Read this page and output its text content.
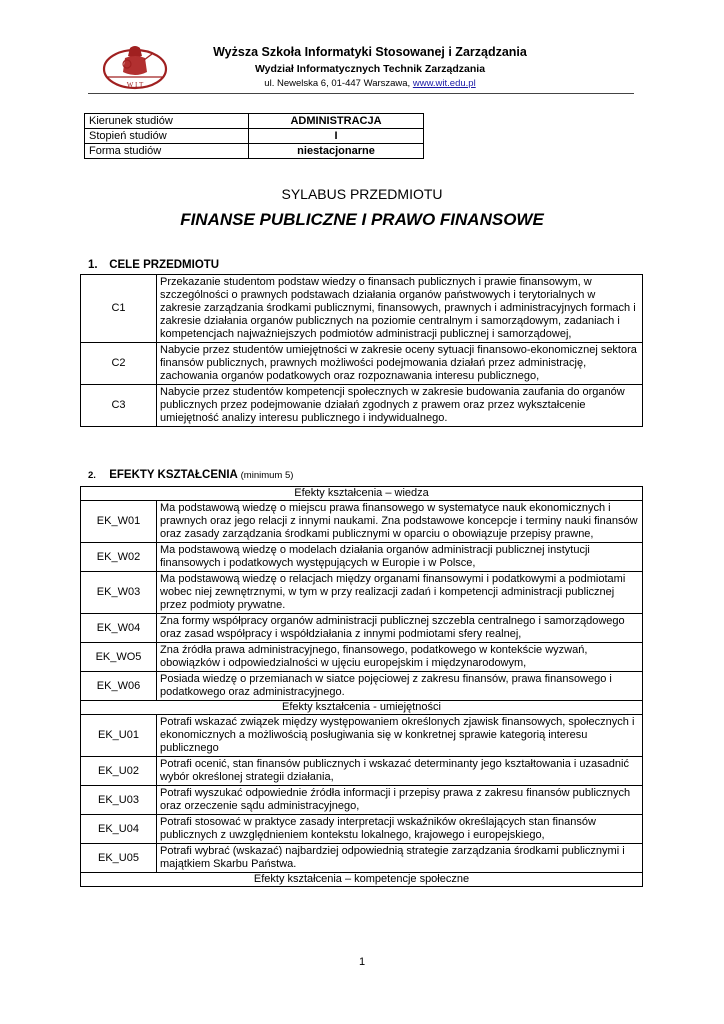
W I T
Wyższa Szkoła Informatyki Stosowanej i Zarządzania
Wydział Informatycznych Technik Zarządzania
ul. Newelska 6, 01-447 Warszawa, www.wit.edu.pl
Kierunek studiów	ADMINISTRACJA
Stopień studiów	I
Forma studiów	niestacjonarne
SYLABUS PRZEDMIOTU
FINANSE PUBLICZNE I PRAWO FINANSOWE
1. CELE PRZEDMIOTU
C1	Przekazanie studentom podstaw wiedzy o finansach publicznych i prawie finansowym, w szczególności o prawnych podstawach działania organów państwowych i terytorialnych w zakresie zarządzania środkami publicznymi, finansowych, prawnych i administracyjnych formach i zakresie działania organów publicznych na poziomie centralnym i samorządowym, zadaniach i kompetencjach najważniejszych podmiotów administracji publicznej i samorządowej,
C2	Nabycie przez studentów umiejętności w zakresie oceny sytuacji finansowo-ekonomicznej sektora finansów publicznych, prawnych możliwości podejmowania działań przez administrację, zachowania organów podatkowych oraz rozpoznawania interesu publicznego,
C3	Nabycie przez studentów kompetencji społecznych w zakresie budowania zaufania do organów publicznych przez podejmowanie działań zgodnych z prawem oraz przez wykształcenie umiejętność analizy interesu publicznego i indywidualnego.
2. EFEKTY KSZTAŁCENIA (minimum 5)
Efekty kształcenia – wiedza	
EK_W01	Ma podstawową wiedzę o miejscu prawa finansowego w systematyce nauk ekonomicznych i prawnych oraz jego relacji z innymi naukami. Zna podstawowe koncepcje i terminy nauki finansów oraz zasady zarządzania środkami publicznymi w oparciu o obowiązuje przepisy prawne,
EK_W02	Ma podstawową wiedzę o modelach działania organów administracji publicznej instytucji finansowych i podatkowych występujących w Europie i w Polsce,
EK_W03	Ma podstawową wiedzę o relacjach między organami finansowymi i podatkowymi a podmiotami wobec niej zewnętrznymi, w tym w przy realizacji zadań i kompetencji administracji publicznej przez podmioty prywatne.
EK_W04	Zna formy współpracy organów administracji publicznej szczebla centralnego i samorządowego oraz zasad współpracy i współdziałania z innymi podmiotami sfery realnej,
EK_WO5	Zna źródła prawa administracyjnego, finansowego, podatkowego w kontekście wyzwań, obowiązków i odpowiedzialności w ujęciu europejskim i międzynarodowym,
EK_W06	Posiada wiedzę o przemianach w siatce pojęciowej z zakresu finansów, prawa finansowego i podatkowego oraz administracyjnego.
Efekty kształcenia - umiejętności	
EK_U01	Potrafi wskazać związek między występowaniem określonych zjawisk finansowych, społecznych i ekonomicznych a możliwością posługiwania się w konkretnej sprawie kategorią interesu publicznego
EK_U02	Potrafi ocenić, stan finansów publicznych i wskazać determinanty jego kształtowania i uzasadnić wybór określonej strategii działania,
EK_U03	Potrafi wyszukać odpowiednie źródła informacji i przepisy prawa z zakresu finansów publicznych oraz orzeczenie sądu administracyjnego,
EK_U04	Potrafi stosować w praktyce zasady interpretacji wskaźników określających stan finansów publicznych z uwzględnieniem kontekstu lokalnego, krajowego i europejskiego,
EK_U05	Potrafi wybrać (wskazać) najbardziej odpowiednią strategie zarządzania środkami publicznymi i majątkiem Skarbu Państwa.
Efekty kształcenia – kompetencje społeczne	
1
